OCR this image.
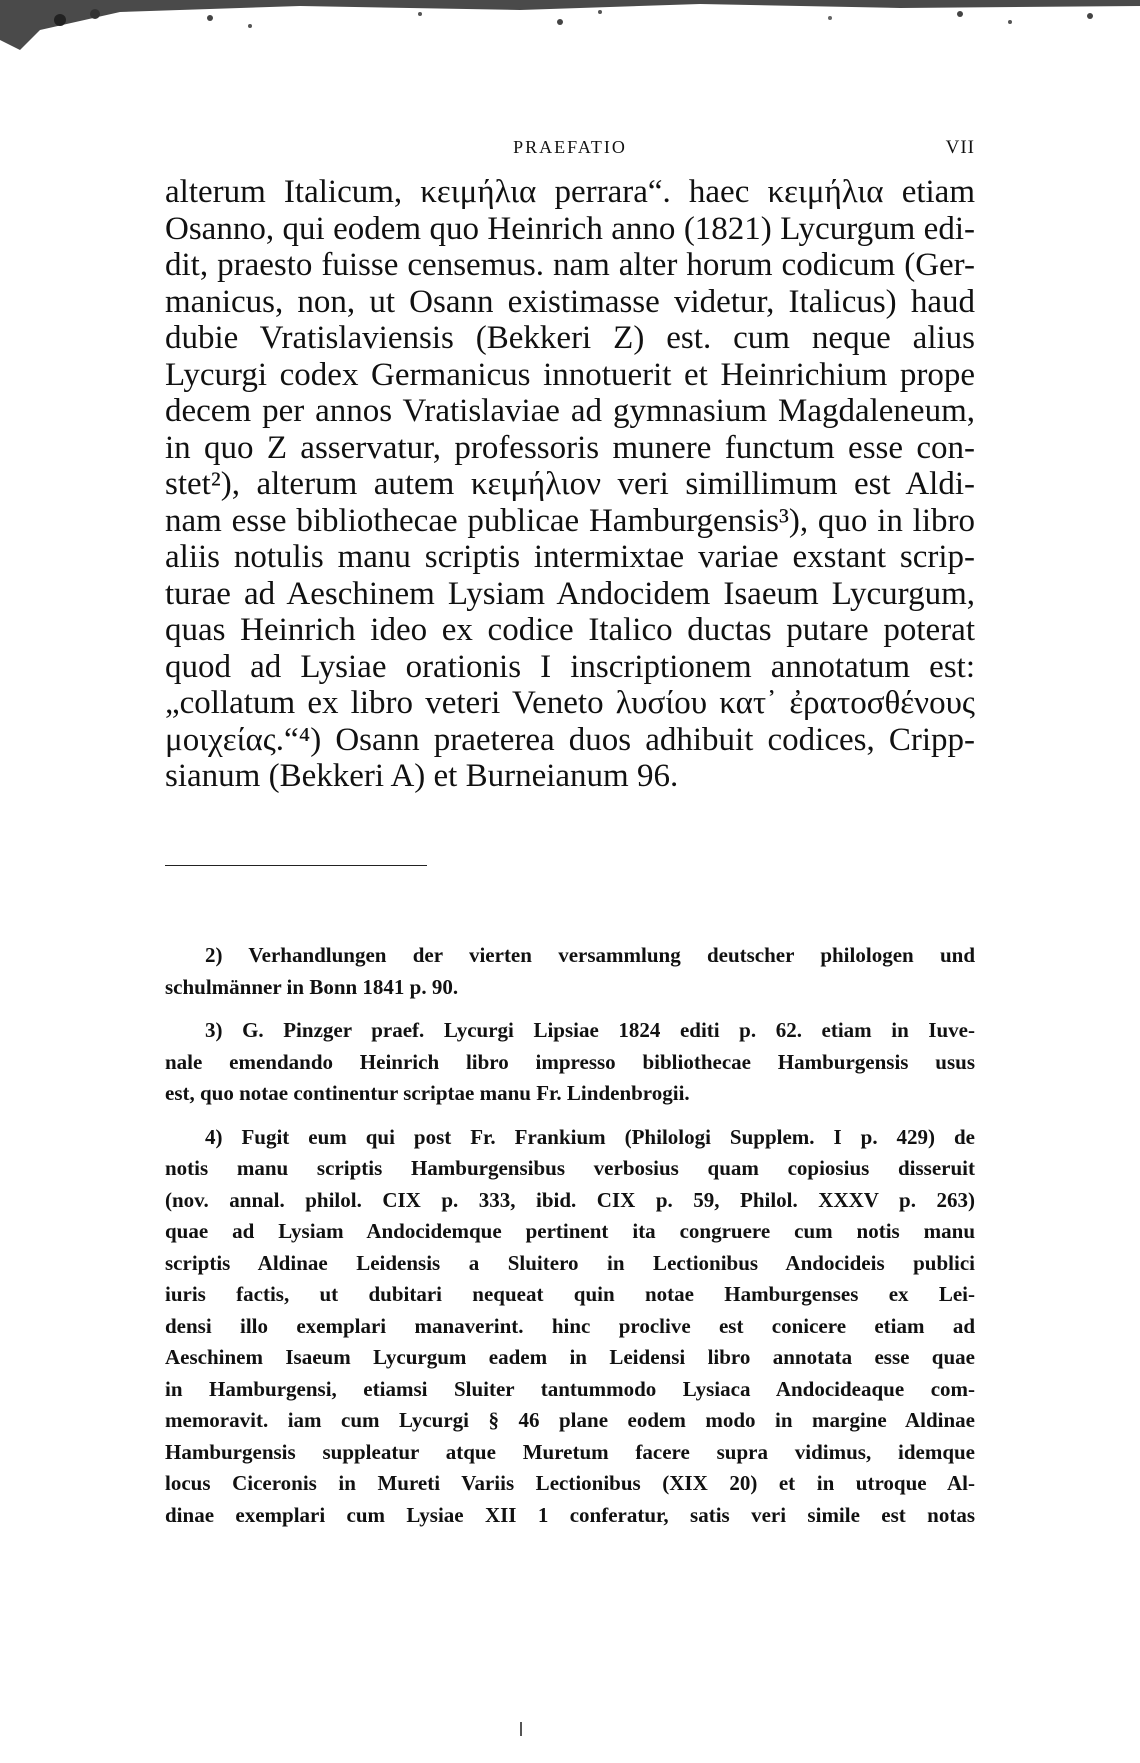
PRAEFATIO	VII
alterum Italicum, κειμήλια perrara“. haec κειμήλια etiam
Osanno, qui eodem quo Heinrich anno (1821) Lycurgum edi-
dit, praesto fuisse censemus. nam alter horum codicum (Ger-
manicus, non, ut Osann existimasse videtur, Italicus) haud
dubie Vratislaviensis (Bekkeri Z) est. cum neque alius
Lycurgi codex Germanicus innotuerit et Heinrichium prope
decem per annos Vratislaviae ad gymnasium Magdaleneum,
in quo Z asservatur, professoris munere functum esse con-
stet²), alterum autem κειμήλιον veri simillimum est Aldi-
nam esse bibliothecae publicae Hamburgensis³), quo in libro
aliis notulis manu scriptis intermixtae variae exstant scrip-
turae ad Aeschinem Lysiam Andocidem Isaeum Lycurgum,
quas Heinrich ideo ex codice Italico ductas putare poterat
quod ad Lysiae orationis I inscriptionem annotatum est:
„collatum ex libro veteri Veneto λυσίου κατ᾽ ἐρατοσθένους
μοιχείας.“⁴) Osann praeterea duos adhibuit codices, Cripp-
sianum (Bekkeri A) et Burneianum 96.
2) Verhandlungen der vierten versammlung deutscher philologen und
schulmänner in Bonn 1841 p. 90.
3) G. Pinzger praef. Lycurgi Lipsiae 1824 editi p. 62. etiam in Iuve-
nale emendando Heinrich libro impresso bibliothecae Hamburgensis usus
est, quo notae continentur scriptae manu Fr. Lindenbrogii.
4) Fugit eum qui post Fr. Frankium (Philologi Supplem. I p. 429) de
notis manu scriptis Hamburgensibus verbosius quam copiosius disseruit
(nov. annal. philol. CIX p. 333, ibid. CIX p. 59, Philol. XXXV p. 263)
quae ad Lysiam Andocidemque pertinent ita congruere cum notis manu
scriptis Aldinae Leidensis a Sluitero in Lectionibus Andocideis publici
iuris factis, ut dubitari nequeat quin notae Hamburgenses ex Lei-
densi illo exemplari manaverint. hinc proclive est conicere etiam ad
Aeschinem Isaeum Lycurgum eadem in Leidensi libro annotata esse quae
in Hamburgensi, etiamsi Sluiter tantummodo Lysiaca Andocideaque com-
memoravit. iam cum Lycurgi § 46 plane eodem modo in margine Aldinae
Hamburgensis suppleatur atque Muretum facere supra vidimus, idemque
locus Ciceronis in Mureti Variis Lectionibus (XIX 20) et in utroque Al-
dinae exemplari cum Lysiae XII 1 conferatur, satis veri simile est notas
